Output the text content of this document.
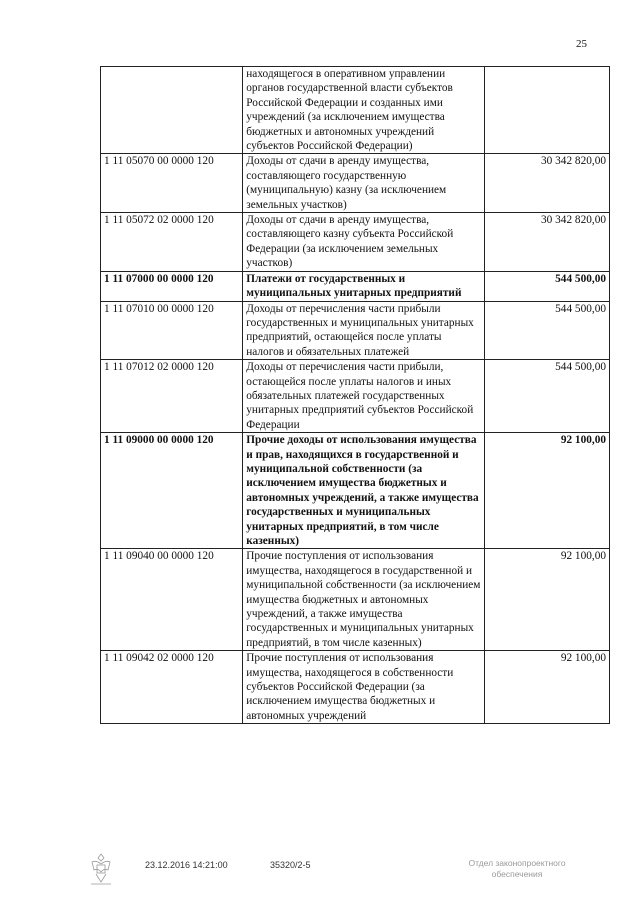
25
	находящегося в оперативном управлении органов государственной власти субъектов Российской Федерации и созданных ими учреждений (за исключением имущества бюджетных и автономных учреждений субъектов Российской Федерации)	
1 11 05070 00 0000 120	Доходы от сдачи в аренду имущества, составляющего государственную (муниципальную) казну (за исключением земельных участков)	30 342 820,00
1 11 05072 02 0000 120	Доходы от сдачи в аренду имущества, составляющего казну субъекта Российской Федерации (за исключением земельных участков)	30 342 820,00
1 11 07000 00 0000 120	Платежи от государственных и муниципальных унитарных предприятий	544 500,00
1 11 07010 00 0000 120	Доходы от перечисления части прибыли государственных и муниципальных унитарных предприятий, остающейся после уплаты налогов и обязательных платежей	544 500,00
1 11 07012 02 0000 120	Доходы от перечисления части прибыли, остающейся после уплаты налогов и иных обязательных платежей государственных унитарных предприятий субъектов Российской Федерации	544 500,00
1 11 09000 00 0000 120	Прочие доходы от использования имущества и прав, находящихся в государственной и муниципальной собственности (за исключением имущества бюджетных и автономных учреждений, а также имущества государственных и муниципальных унитарных предприятий, в том числе казенных)	92 100,00
1 11 09040 00 0000 120	Прочие поступления от использования имущества, находящегося в государственной и муниципальной собственности (за исключением имущества бюджетных и автономных учреждений, а также имущества государственных и муниципальных унитарных предприятий, в том числе казенных)	92 100,00
1 11 09042 02 0000 120	Прочие поступления от использования имущества, находящегося в собственности субъектов Российской Федерации (за исключением имущества бюджетных и автономных учреждений	92 100,00
23.12.2016 14:21:00	35320/2-5	Отдел законопроектного
обеспечения
